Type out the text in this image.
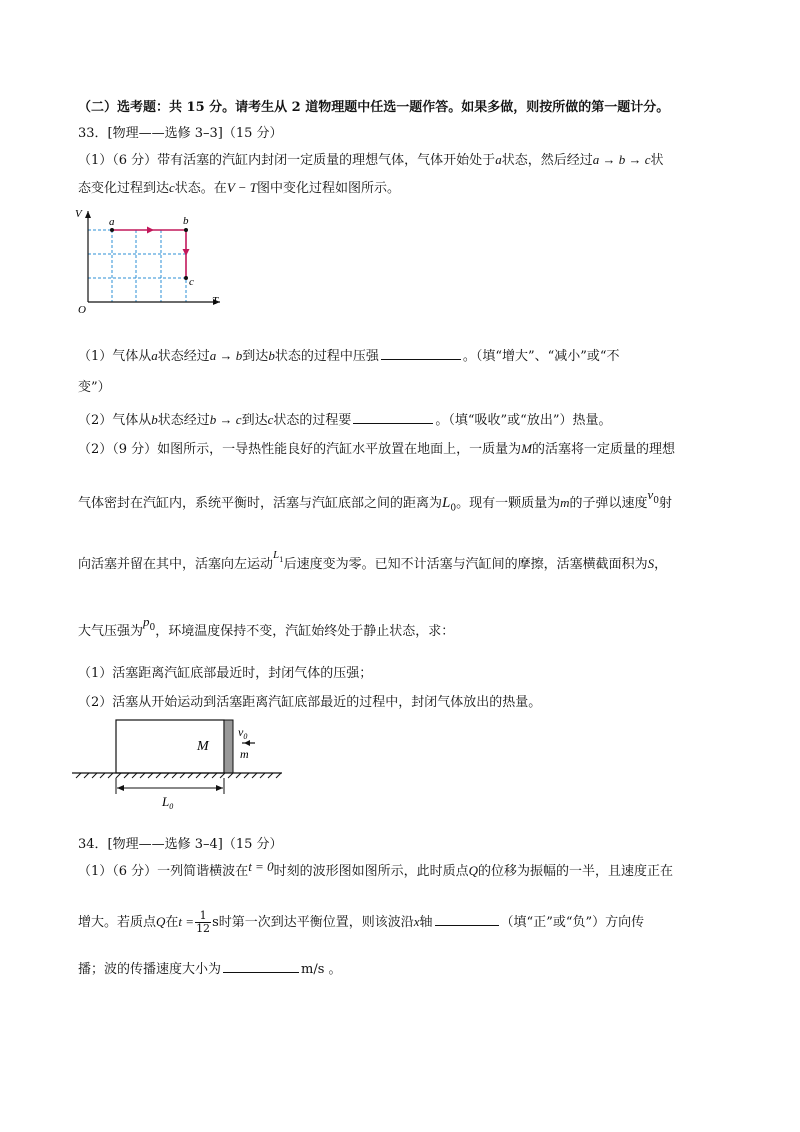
（二）选考题：共 15 分。请考生从 2 道物理题中任选一题作答。如果多做，则按所做的第一题计分。
33．[物理——选修 3–3]（15 分）
（1）（6 分）带有活塞的汽缸内封闭一定质量的理想气体，气体开始处于a状态，然后经过a → b → c状
态变化过程到达c状态。在V − T图中变化过程如图所示。
V
T
O
a	b
c
（1）气体从a状态经过a → b到达b状态的过程中压强	。（填“增大”、“减小”或“不
变”）
（2）气体从b状态经过b → c到达c状态的过程要	。（填“吸收”或“放出”）热量。
（2）（9 分）如图所示，一导热性能良好的汽缸水平放置在地面上，一质量为M的活塞将一定质量的理想
气体密封在汽缸内，系统平衡时，活塞与汽缸底部之间的距离为$L_0$。现有一颗质量为m的子弹以速度$v_0$射
向活塞并留在其中，活塞向左运动$^L_1$后速度变为零。已知不计活塞与汽缸间的摩擦，活塞横截面积为S，
大气压强为$p_0$，环境温度保持不变，汽缸始终处于静止状态，求：
（1）活塞距离汽缸底部最近时，封闭气体的压强；
（2）活塞从开始运动到活塞距离汽缸底部最近的过程中，封闭气体放出的热量。
M
$v_0$
m
$L_0$
34．[物理——选修 3–4]（15 分）
（1）（6 分）一列简谐横波在t = 0时刻的波形图如图所示，此时质点Q的位移为振幅的一半，且速度正在
增大。若质点Q在$t = \frac{1}{12}$ s时第一次到达平衡位置，则该波沿x轴	（填“正”或“负”）方向传
播；波的传播速度大小为	m/s 。
